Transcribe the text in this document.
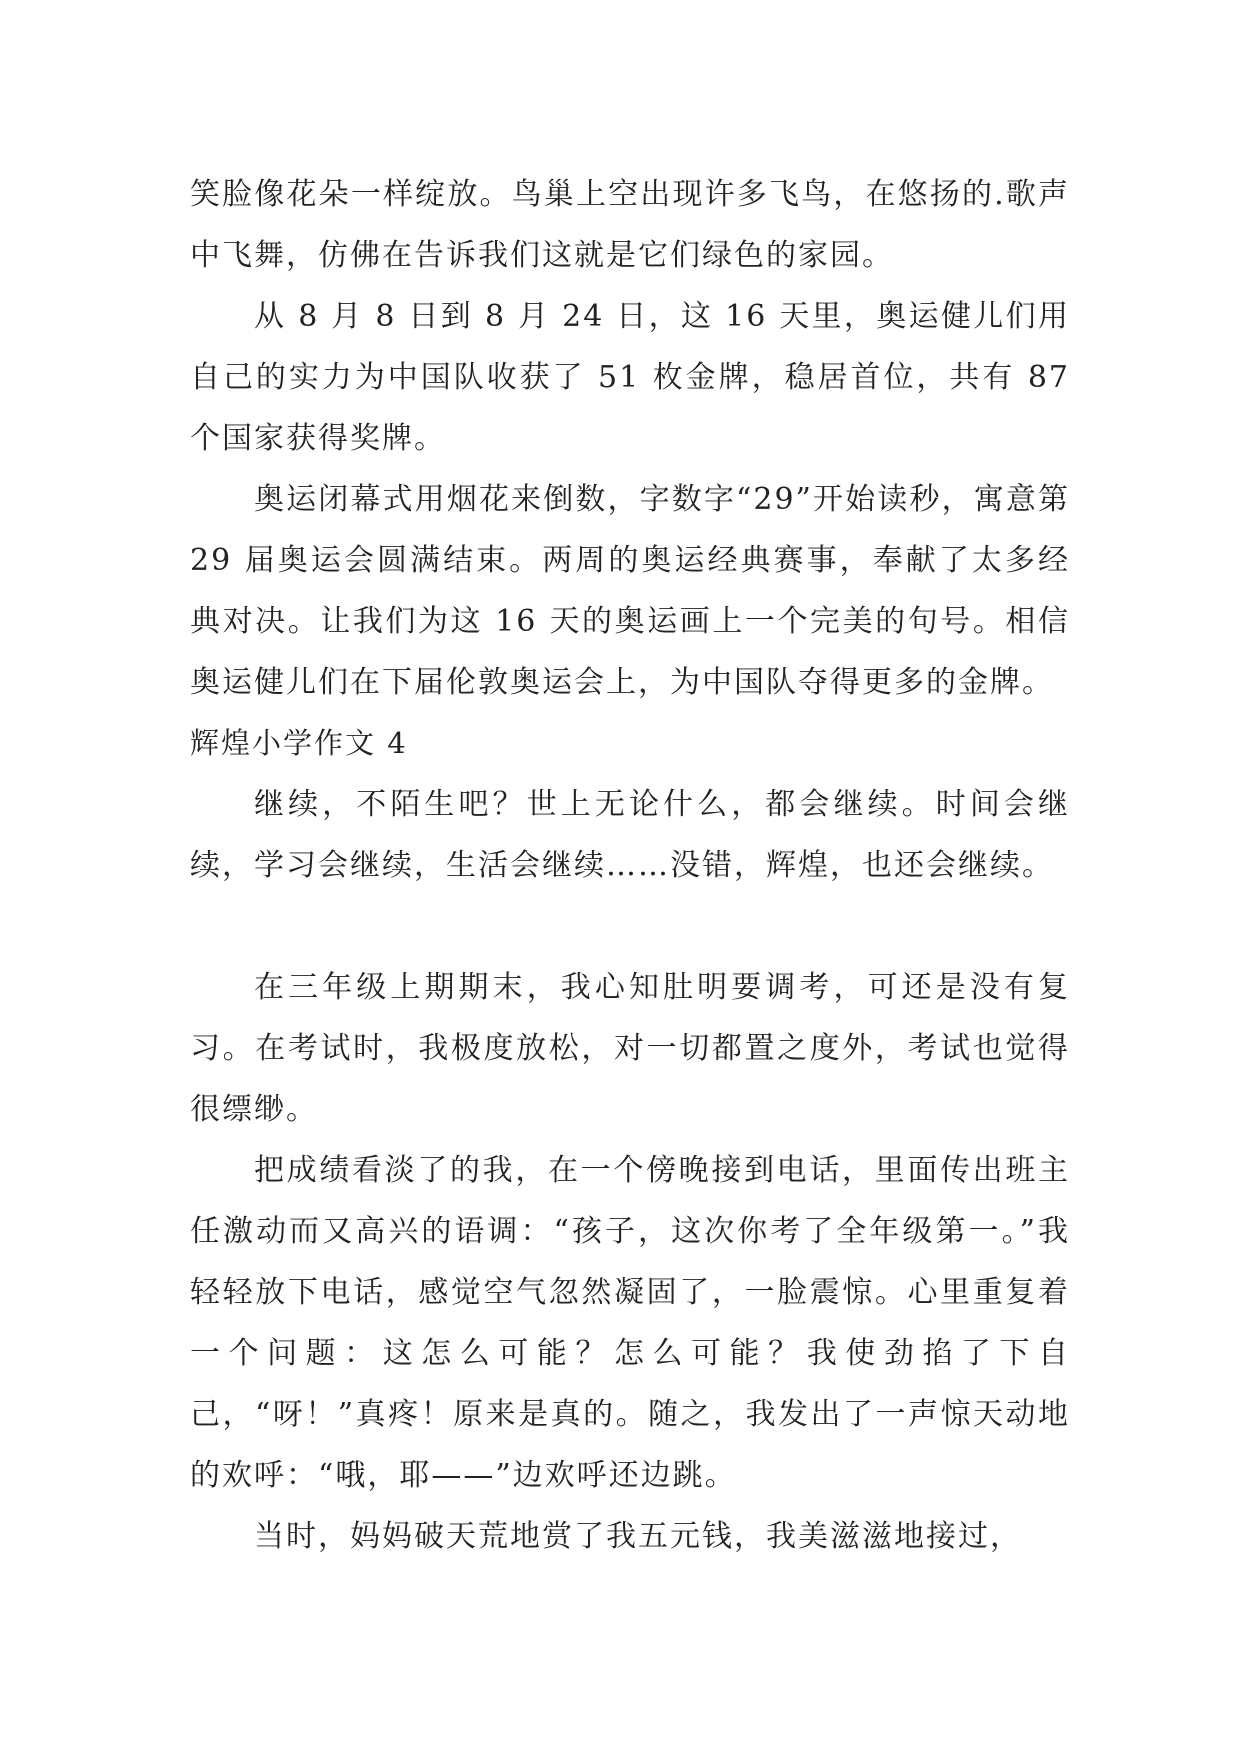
笑脸像花朵一样绽放。鸟巢上空出现许多飞鸟，在悠扬的.歌声中飞舞，仿佛在告诉我们这就是它们绿色的家园。

从 8 月 8 日到 8 月 24 日，这 16 天里，奥运健儿们用自己的实力为中国队收获了 51 枚金牌，稳居首位，共有 87 个国家获得奖牌。

奥运闭幕式用烟花来倒数，字数字“29”开始读秒，寓意第 29 届奥运会圆满结束。两周的奥运经典赛事，奉献了太多经典对决。让我们为这 16 天的奥运画上一个完美的句号。相信奥运健儿们在下届伦敦奥运会上，为中国队夺得更多的金牌。

辉煌小学作文 4

继续，不陌生吧？世上无论什么，都会继续。时间会继续，学习会继续，生活会继续……没错，辉煌，也还会继续。

在三年级上期期末，我心知肚明要调考，可还是没有复习。在考试时，我极度放松，对一切都置之度外，考试也觉得很缥缈。

把成绩看淡了的我，在一个傍晚接到电话，里面传出班主任激动而又高兴的语调：“孩子，这次你考了全年级第一。”我轻轻放下电话，感觉空气忽然凝固了，一脸震惊。心里重复着一个问题：这怎么可能？怎么可能？我使劲掐了下自己，“呀！”真疼！原来是真的。随之，我发出了一声惊天动地的欢呼：“哦，耶——”边欢呼还边跳。

当时，妈妈破天荒地赏了我五元钱，我美滋滋地接过，
